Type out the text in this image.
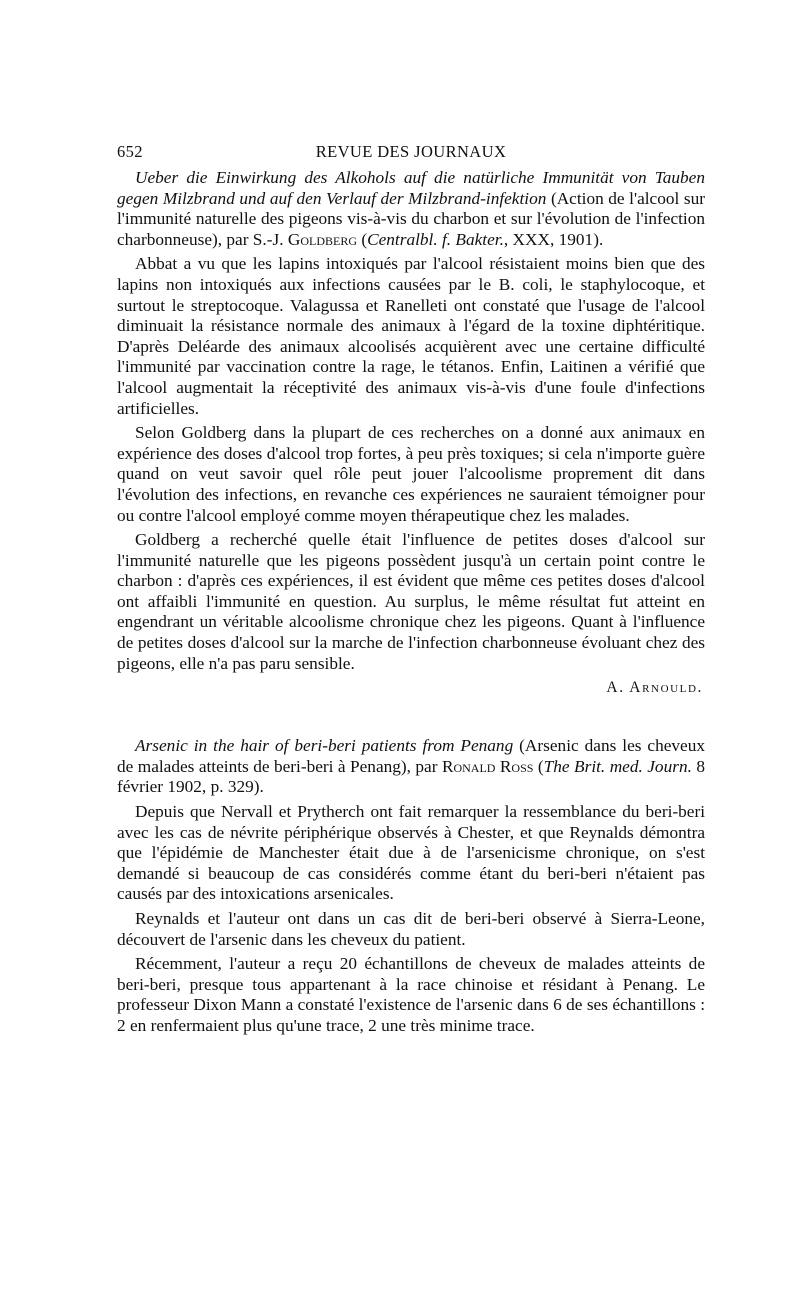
652	REVUE DES JOURNAUX

Ueber die Einwirkung des Alkohols auf die natürliche Immunität von Tauben gegen Milzbrand und auf den Verlauf der Milzbrand-infektion (Action de l'alcool sur l'immunité naturelle des pigeons vis-à-vis du charbon et sur l'évolution de l'infection charbonneuse), par S.-J. Goldberg (Centralbl. f. Bakter., XXX, 1901).

Abbat a vu que les lapins intoxiqués par l'alcool résistaient moins bien que des lapins non intoxiqués aux infections causées par le B. coli, le staphylocoque, et surtout le streptocoque. Valagussa et Ranelleti ont constaté que l'usage de l'alcool diminuait la résistance normale des animaux à l'égard de la toxine diphtéritique. D'après Deléarde des animaux alcoolisés acquièrent avec une certaine difficulté l'immunité par vaccination contre la rage, le tétanos. Enfin, Laitinen a vérifié que l'alcool augmentait la réceptivité des animaux vis-à-vis d'une foule d'infections artificielles.

Selon Goldberg dans la plupart de ces recherches on a donné aux animaux en expérience des doses d'alcool trop fortes, à peu près toxiques; si cela n'importe guère quand on veut savoir quel rôle peut jouer l'alcoolisme proprement dit dans l'évolution des infections, en revanche ces expériences ne sauraient témoigner pour ou contre l'alcool employé comme moyen thérapeutique chez les malades.

Goldberg a recherché quelle était l'influence de petites doses d'alcool sur l'immunité naturelle que les pigeons possèdent jusqu'à un certain point contre le charbon : d'après ces expériences, il est évident que même ces petites doses d'alcool ont affaibli l'immunité en question. Au surplus, le même résultat fut atteint en engendrant un véritable alcoolisme chronique chez les pigeons. Quant à l'influence de petites doses d'alcool sur la marche de l'infection charbonneuse évoluant chez des pigeons, elle n'a pas paru sensible.

A. Arnould.

Arsenic in the hair of beri-beri patients from Penang (Arsenic dans les cheveux de malades atteints de beri-beri à Penang), par Ronald Ross (The Brit. med. Journ. 8 février 1902, p. 329).

Depuis que Nervall et Prytherch ont fait remarquer la ressemblance du beri-beri avec les cas de névrite périphérique observés à Chester, et que Reynalds démontra que l'épidémie de Manchester était due à de l'arsenicisme chronique, on s'est demandé si beaucoup de cas considérés comme étant du beri-beri n'étaient pas causés par des intoxications arsenicales.

Reynalds et l'auteur ont dans un cas dit de beri-beri observé à Sierra-Leone, découvert de l'arsenic dans les cheveux du patient.

Récemment, l'auteur a reçu 20 échantillons de cheveux de malades atteints de beri-beri, presque tous appartenant à la race chinoise et résidant à Penang. Le professeur Dixon Mann a constaté l'existence de l'arsenic dans 6 de ses échantillons : 2 en renfermaient plus qu'une trace, 2 une très minime trace.
